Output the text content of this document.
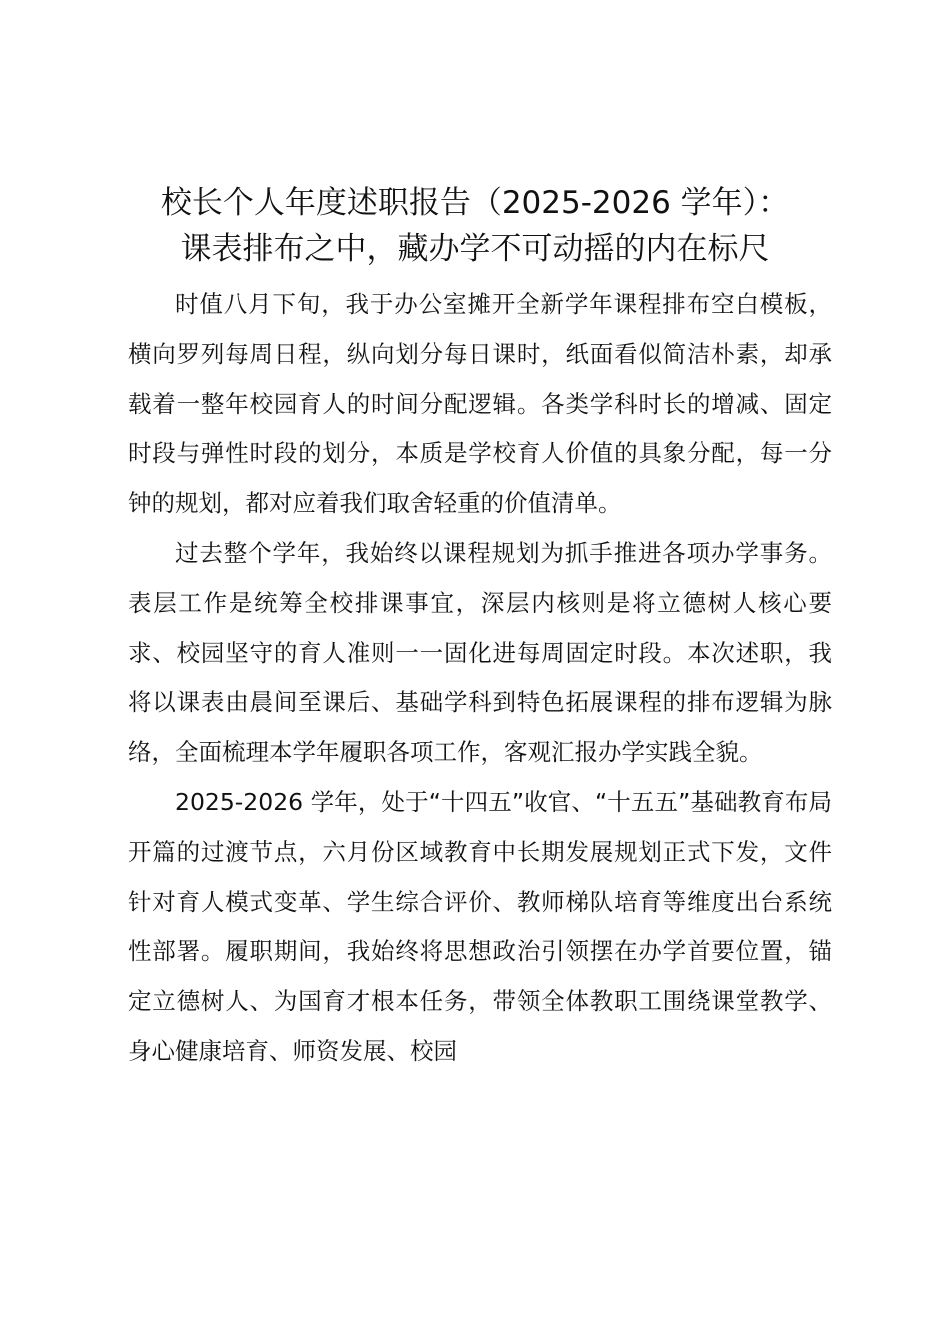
校长个人年度述职报告（2025-2026 学年）：
课表排布之中，藏办学不可动摇的内在标尺

时值八月下旬，我于办公室摊开全新学年课程排布空白模板，横向罗列每周日程，纵向划分每日课时，纸面看似简洁朴素，却承载着一整年校园育人的时间分配逻辑。各类学科时长的增减、固定时段与弹性时段的划分，本质是学校育人价值的具象分配，每一分钟的规划，都对应着我们取舍轻重的价值清单。

过去整个学年，我始终以课程规划为抓手推进各项办学事务。表层工作是统筹全校排课事宜，深层内核则是将立德树人核心要求、校园坚守的育人准则一一固化进每周固定时段。本次述职，我将以课表由晨间至课后、基础学科到特色拓展课程的排布逻辑为脉络，全面梳理本学年履职各项工作，客观汇报办学实践全貌。

2025-2026 学年，处于“十四五”收官、“十五五”基础教育布局开篇的过渡节点，六月份区域教育中长期发展规划正式下发，文件针对育人模式变革、学生综合评价、教师梯队培育等维度出台系统性部署。履职期间，我始终将思想政治引领摆在办学首要位置，锚定立德树人、为国育才根本任务，带领全体教职工围绕课堂教学、身心健康培育、师资发展、校园
